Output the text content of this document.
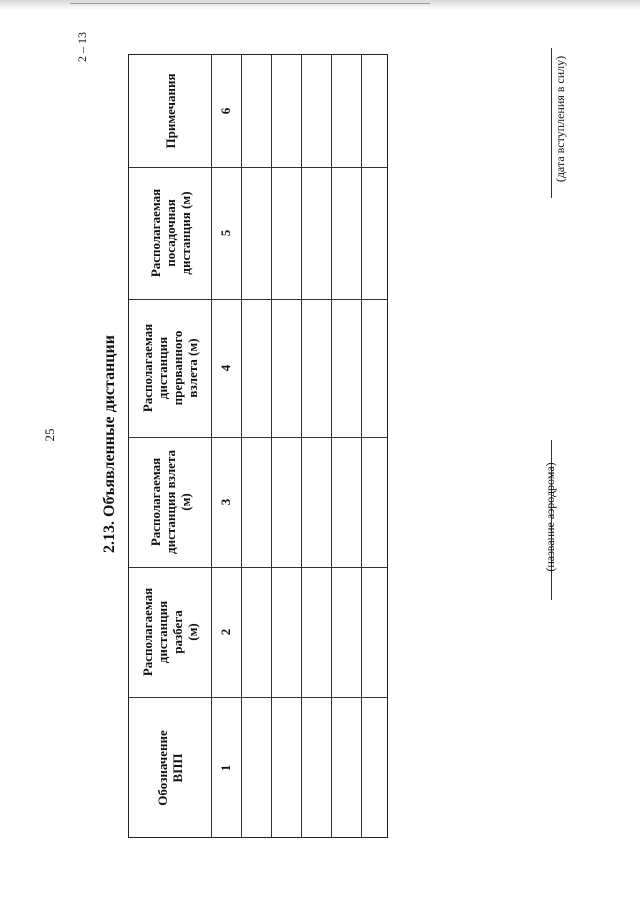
25
2 – 13
2.13. Объявленные дистанции
Обозначение ВПП	1
Располагаемая дистанция разбега (м) 2
Располагаемая дистанция взлета (м) 3
Располагаемая дистанция прерванного взлета (м) 4
Располагаемая посадочная дистанция (м) 5
Примечания	6
(название аэродрома)
(дата вступления в силу)
